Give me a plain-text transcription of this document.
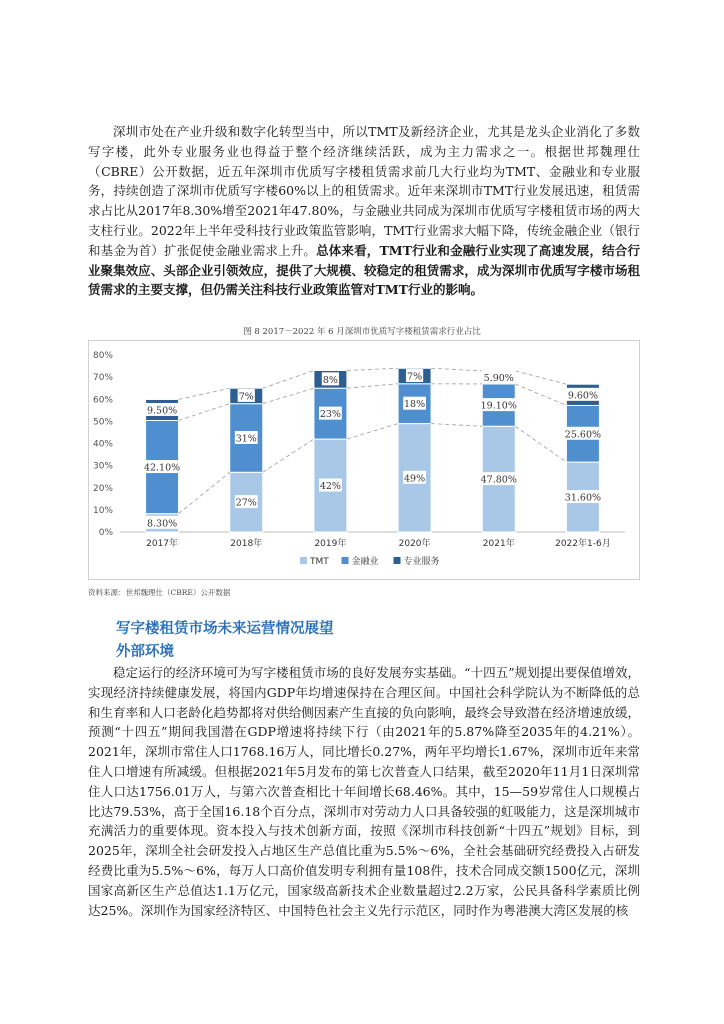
深圳市处在产业升级和数字化转型当中，所以TMT及新经济企业，尤其是龙头企业消化了多数写字楼，此外专业服务业也得益于整个经济继续活跃，成为主力需求之一。根据世邦魏理仕（CBRE）公开数据，近五年深圳市优质写字楼租赁需求前几大行业均为TMT、金融业和专业服务，持续创造了深圳市优质写字楼60%以上的租赁需求。近年来深圳市TMT行业发展迅速，租赁需求占比从2017年8.30%增至2021年47.80%，与金融业共同成为深圳市优质写字楼租赁市场的两大支柱行业。2022年上半年受科技行业政策监管影响，TMT行业需求大幅下降，传统金融企业（银行和基金为首）扩张促使金融业需求上升。总体来看，TMT行业和金融行业实现了高速发展，结合行业聚集效应、头部企业引领效应，提供了大规模、较稳定的租赁需求，成为深圳市优质写字楼市场租赁需求的主要支撑，但仍需关注科技行业政策监管对TMT行业的影响。

图 8 2017－2022 年 6 月深圳市优质写字楼租赁需求行业占比
0%
10%
20%
30%
40%
50%
60%
70%
80%
2017年	2018年	2019年	2020年	2021年	2022年1-6月
8.30%
42.10%
9.50%
27%
31%
7%
42%
23%
8%
49%
18%
7%
47.80%
19.10%
5.90%
31.60%
25.60%
9.60%
TMT	金融业	专业服务
资料来源：世邦魏理仕（CBRE）公开数据
写字楼租赁市场未来运营情况展望
外部环境

稳定运行的经济环境可为写字楼租赁市场的良好发展夯实基础。“十四五”规划提出要保值增效，实现经济持续健康发展，将国内GDP年均增速保持在合理区间。中国社会科学院认为不断降低的总和生育率和人口老龄化趋势都将对供给侧因素产生直接的负向影响，最终会导致潜在经济增速放缓，预测“十四五”期间我国潜在GDP增速将持续下行（由2021年的5.87%降至2035年的4.21%）。2021年，深圳市常住人口1768.16万人，同比增长0.27%，两年平均增长1.67%，深圳市近年来常住人口增速有所减缓。但根据2021年5月发布的第七次普查人口结果，截至2020年11月1日深圳常住人口达1756.01万人，与第六次普查相比十年间增长68.46%。其中，15—59岁常住人口规模占比达79.53%，高于全国16.18个百分点，深圳市对劳动力人口具备较强的虹吸能力，这是深圳城市充满活力的重要体现。资本投入与技术创新方面，按照《深圳市科技创新“十四五”规划》目标，到2025年，深圳全社会研发投入占地区生产总值比重为5.5%～6%，全社会基础研究经费投入占研发经费比重为5.5%～6%，每万人口高价值发明专利拥有量108件，技术合同成交额1500亿元，深圳国家高新区生产总值达1.1万亿元，国家级高新技术企业数量超过2.2万家，公民具备科学素质比例达25%。深圳作为国家经济特区、中国特色社会主义先行示范区，同时作为粤港澳大湾区发展的核
